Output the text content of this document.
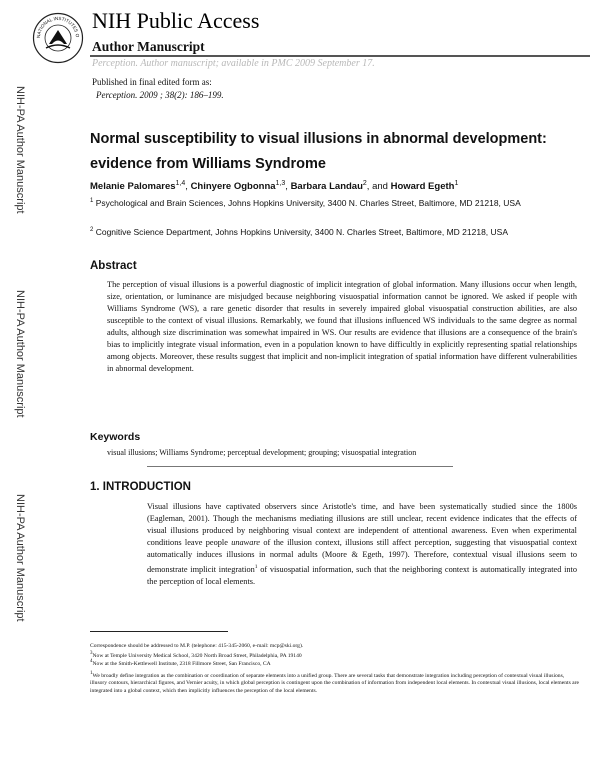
NATIONAL INSTITUTES O
NIH Public Access
Author Manuscript
Perception. Author manuscript; available in PMC 2009 September 17.
Published in final edited form as:
Perception. 2009 ; 38(2): 186–199.
NIH-PA Author Manuscript
NIH-PA Author Manuscript
NIH-PA Author Manuscript
Normal susceptibility to visual illusions in abnormal development: evidence from Williams Syndrome
Melanie Palomares$^{1,4}$, Chinyere Ogbonna$^{1,3}$, Barbara Landau$^2$, and Howard Egeth$^1$
$^1$ Psychological and Brain Sciences, Johns Hopkins University, 3400 N. Charles Street, Baltimore, MD 21218, USA
$^2$ Cognitive Science Department, Johns Hopkins University, 3400 N. Charles Street, Baltimore, MD 21218, USA
Abstract
The perception of visual illusions is a powerful diagnostic of implicit integration of global information. Many illusions occur when length, size, orientation, or luminance are misjudged because neighboring visuospatial information cannot be ignored. We asked if people with Williams Syndrome (WS), a rare genetic disorder that results in severely impaired global visuospatial construction abilities, are also susceptible to the context of visual illusions. Remarkably, we found that illusions influenced WS individuals to the same degree as normal adults, although size discrimination was somewhat impaired in WS. Our results are evidence that illusions are a consequence of the brain's bias to implicitly integrate visual information, even in a population known to have difficultly in explicitly representing spatial relationships among objects. Moreover, these results suggest that implicit and non-implicit integration of spatial information have different vulnerabilities in abnormal development.
Keywords
visual illusions; Williams Syndrome; perceptual development; grouping; visuospatial integration
1. INTRODUCTION
Visual illusions have captivated observers since Aristotle's time, and have been systematically studied since the 1800s (Eagleman, 2001). Though the mechanisms mediating illusions are still unclear, recent evidence indicates that the effects of visual illusions produced by neighboring visual context are independent of attentional awareness. Even when experimental conditions leave people unaware of the illusion context, illusions still affect perception, suggesting that visuospatial context automatically induces illusions in normal adults (Moore & Egeth, 1997). Therefore, contextual visual illusions seem to demonstrate implicit integration$^1$ of visuospatial information, such that the neighboring context is automatically integrated into the perception of local elements.
Correspondence should be addressed to M.P. (telephone: 415-345-2060, e-mail: mcp@ski.org).
$^3$Now at Temple University Medical School, 3420 North Broad Street, Philadelphia, PA 19140
$^4$Now at the Smith-Kettlewell Institute, 2318 Fillmore Street, San Francisco, CA
$^1$We broadly define integration as the combination or coordination of separate elements into a unified group. There are several tasks that demonstrate integration including perception of contextual visual illusions, illusory contours, hierarchical figures, and Vernier acuity, in which global perception is contingent upon the combination of information from independent local elements. In contextual visual illusions, local elements are integrated into a global context, which then implicitly influences the perception of the local elements.
